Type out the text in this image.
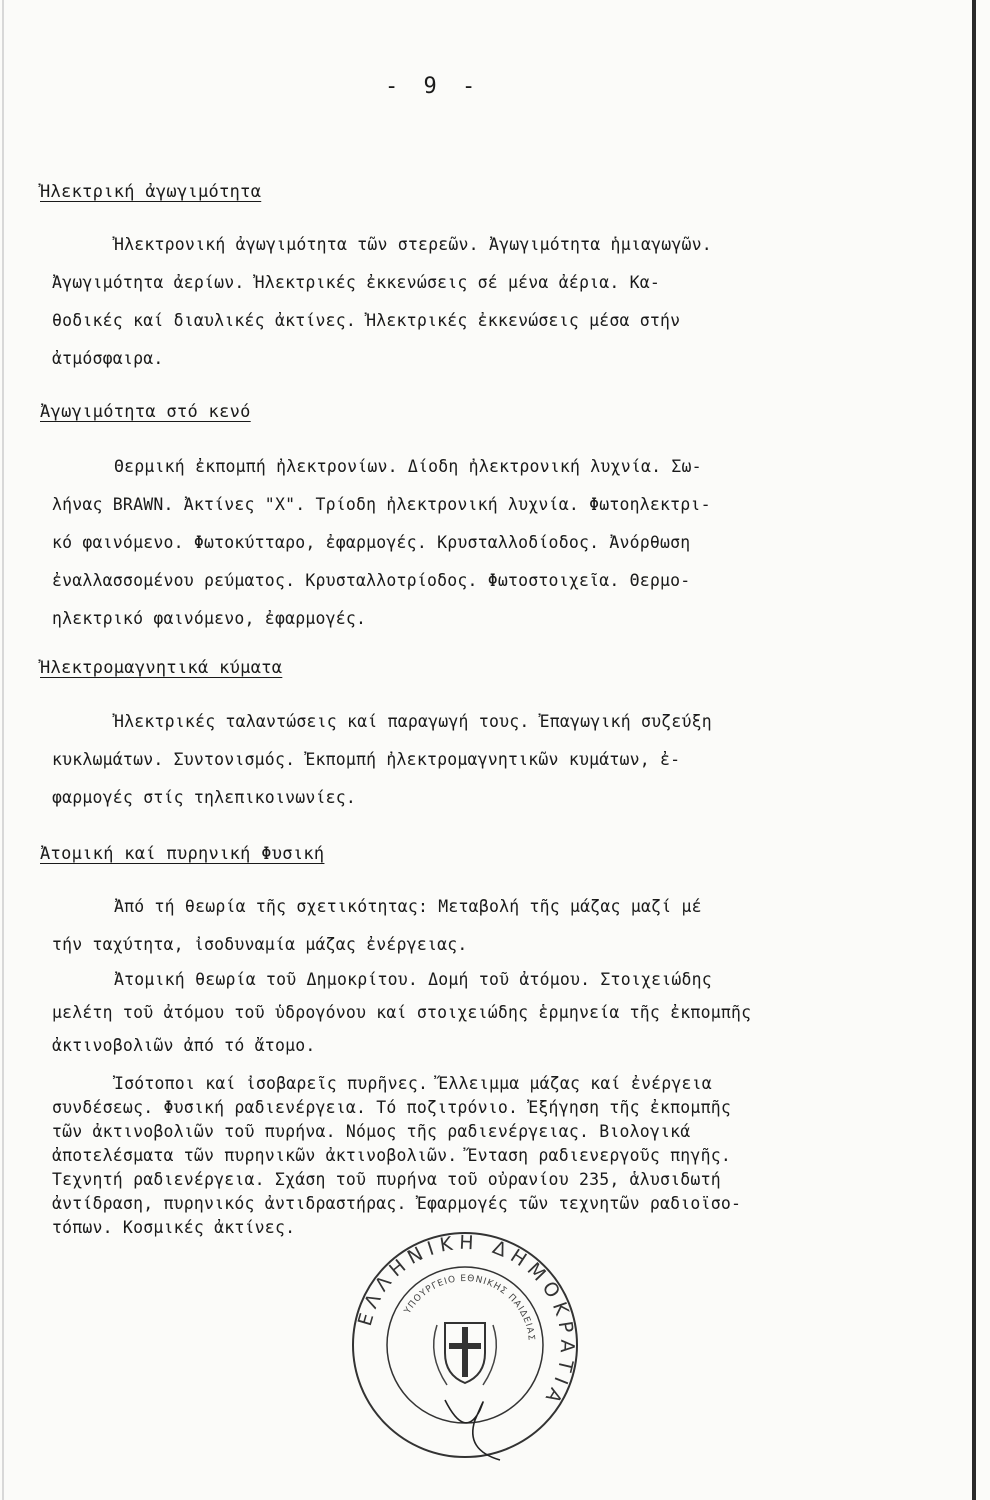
- 9 -
Ἠλεκτρική ἀγωγιμότητα
Ἠλεκτρονική ἀγωγιμότητα τῶν στερεῶν. Ἀγωγιμότητα ἡμιαγωγῶν.
Ἀγωγιμότητα ἀερίων. Ἠλεκτρικές ἐκκενώσεις σέ μένα ἀέρια. Κα-
θοδικές καί διαυλικές ἀκτίνες. Ἠλεκτρικές ἐκκενώσεις μέσα στήν
ἀτμόσφαιρα.
Ἀγωγιμότητα στό κενό
Θερμική ἐκπομπή ἠλεκτρονίων. Δίοδη ἠλεκτρονική λυχνία. Σω-
λήνας BRAWN. Ἀκτίνες "X". Τρίοδη ἠλεκτρονική λυχνία. Φωτοηλεκτρι-
κό φαινόμενο. Φωτοκύτταρο, ἐφαρμογές. Κρυσταλλοδίοδος. Ἀνόρθωση
ἐναλλασσομένου ρεύματος. Κρυσταλλοτρίοδος. Φωτοστοιχεῖα. Θερμο-
ηλεκτρικό φαινόμενο, ἐφαρμογές.
Ἠλεκτρομαγνητικά κύματα
Ἠλεκτρικές ταλαντώσεις καί παραγωγή τους. Ἐπαγωγική συζεύξη
κυκλωμάτων. Συντονισμός. Ἐκπομπή ἠλεκτρομαγνητικῶν κυμάτων, ἐ-
φαρμογές στίς τηλεπικοινωνίες.
Ἀτομική καί πυρηνική Φυσική
Ἀπό τή θεωρία τῆς σχετικότητας: Μεταβολή τῆς μάζας μαζί μέ
τήν ταχύτητα, ἰσοδυναμία μάζας ἐνέργειας.
Ἀτομική θεωρία τοῦ Δημοκρίτου. Δομή τοῦ ἀτόμου. Στοιχειώδης
μελέτη τοῦ ἀτόμου τοῦ ὑδρογόνου καί στοιχειώδης ἑρμηνεία τῆς ἐκπομπῆς
ἀκτινοβολιῶν ἀπό τό ἄτομο.
Ἰσότοποι καί ἰσοβαρεῖς πυρῆνες. Ἔλλειμμα μάζας καί ἐνέργεια
συνδέσεως. Φυσική ραδιενέργεια. Τό ποζιτρόνιο. Ἐξήγηση τῆς ἐκπομπῆς
τῶν ἀκτινοβολιῶν τοῦ πυρήνα. Νόμος τῆς ραδιενέργειας. Βιολογικά
ἀποτελέσματα τῶν πυρηνικῶν ἀκτινοβολιῶν. Ἔνταση ραδιενεργοῦς πηγῆς.
Τεχνητή ραδιενέργεια. Σχάση τοῦ πυρήνα τοῦ οὐρανίου 235, ἁλυσιδωτή
ἀντίδραση, πυρηνικός ἀντιδραστήρας. Ἐφαρμογές τῶν τεχνητῶν ραδιοϊσο-
τόπων. Κοσμικές ἀκτίνες.
ΕΛΛΗΝΙΚΗ ΔΗΜΟΚΡΑΤΙΑ
ΥΠΟΥΡΓΕΙΟ ΕΘΝΙΚΗΣ ΠΑΙΔΕΙΑΣ
